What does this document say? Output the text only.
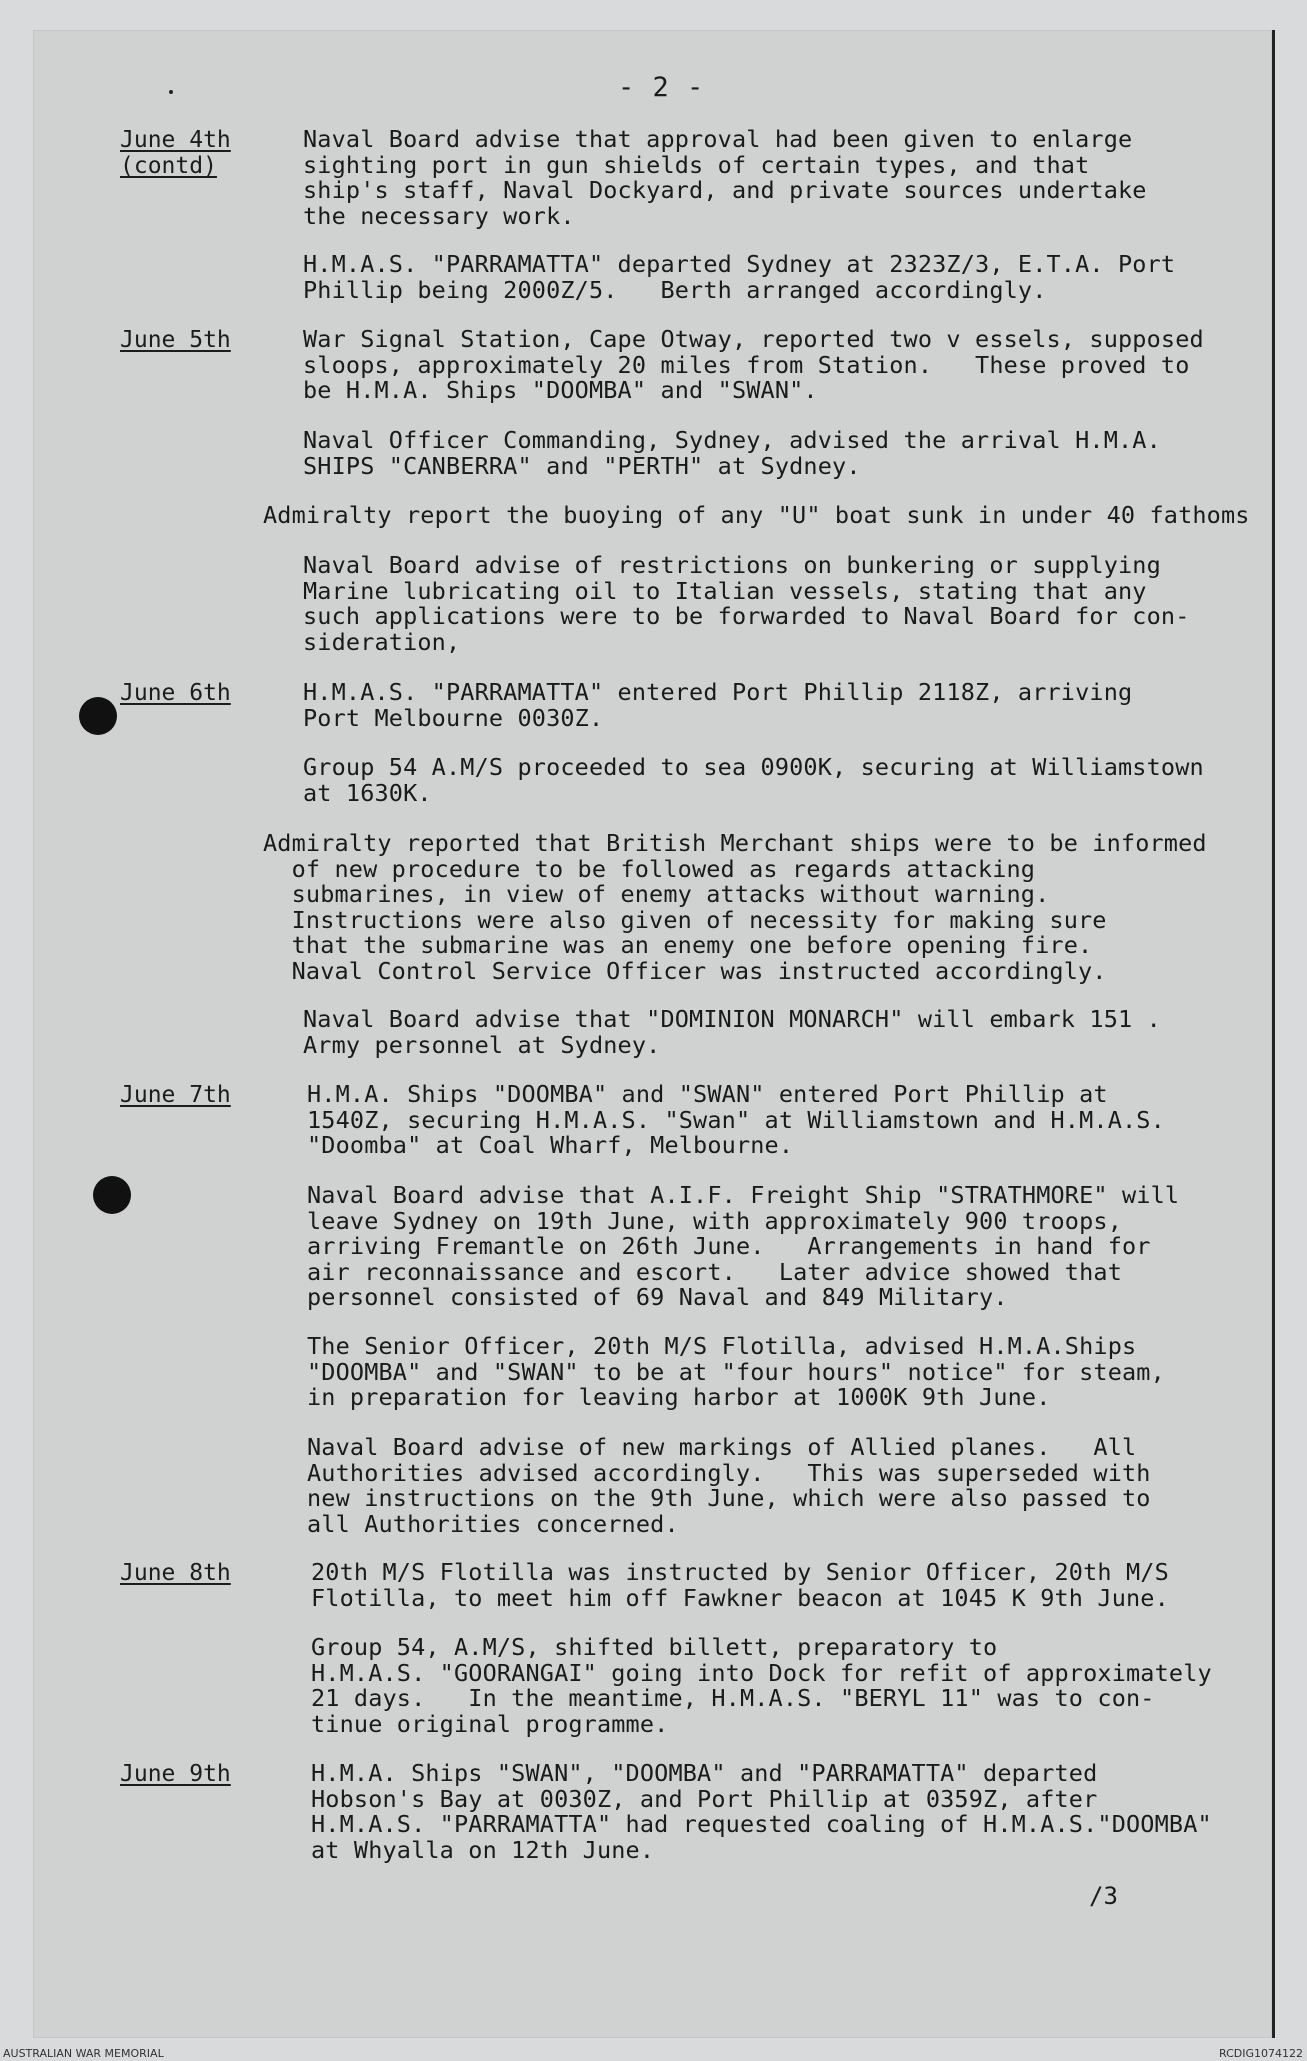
- 2 -
June 4th
(contd)
June 5th
June 6th
June 7th
June 8th
June 9th
Naval Board advise that approval had been given to enlarge
sighting port in gun shields of certain types, and that
ship's staff, Naval Dockyard, and private sources undertake
the necessary work.
H.M.A.S. "PARRAMATTA" departed Sydney at 2323Z/3, E.T.A. Port
Phillip being 2000Z/5.   Berth arranged accordingly.
War Signal Station, Cape Otway, reported two v essels, supposed
sloops, approximately 20 miles from Station.   These proved to
be H.M.A. Ships "DOOMBA" and "SWAN".
Naval Officer Commanding, Sydney, advised the arrival H.M.A.
SHIPS "CANBERRA" and "PERTH" at Sydney.
Admiralty report the buoying of any "U" boat sunk in under 40 fathoms
Naval Board advise of restrictions on bunkering or supplying
Marine lubricating oil to Italian vessels, stating that any
such applications were to be forwarded to Naval Board for con-
sideration,
H.M.A.S. "PARRAMATTA" entered Port Phillip 2118Z, arriving
Port Melbourne 0030Z.
Group 54 A.M/S proceeded to sea 0900K, securing at Williamstown
at 1630K.
Admiralty reported that British Merchant ships were to be informed
of new procedure to be followed as regards attacking
submarines, in view of enemy attacks without warning.
Instructions were also given of necessity for making sure
that the submarine was an enemy one before opening fire.
Naval Control Service Officer was instructed accordingly.
Naval Board advise that "DOMINION MONARCH" will embark 151 .
Army personnel at Sydney.
H.M.A. Ships "DOOMBA" and "SWAN" entered Port Phillip at
1540Z, securing H.M.A.S. "Swan" at Williamstown and H.M.A.S.
"Doomba" at Coal Wharf, Melbourne.
Naval Board advise that A.I.F. Freight Ship "STRATHMORE" will
leave Sydney on 19th June, with approximately 900 troops,
arriving Fremantle on 26th June.   Arrangements in hand for
air reconnaissance and escort.   Later advice showed that
personnel consisted of 69 Naval and 849 Military.
The Senior Officer, 20th M/S Flotilla, advised H.M.A.Ships
"DOOMBA" and "SWAN" to be at "four hours" notice" for steam,
in preparation for leaving harbor at 1000K 9th June.
Naval Board advise of new markings of Allied planes.   All
Authorities advised accordingly.   This was superseded with
new instructions on the 9th June, which were also passed to
all Authorities concerned.
20th M/S Flotilla was instructed by Senior Officer, 20th M/S
Flotilla, to meet him off Fawkner beacon at 1045 K 9th June.
Group 54, A.M/S, shifted billett, preparatory to
H.M.A.S. "GOORANGAI" going into Dock for refit of approximately
21 days.   In the meantime, H.M.A.S. "BERYL 11" was to con-
tinue original programme.
H.M.A. Ships "SWAN", "DOOMBA" and "PARRAMATTA" departed
Hobson's Bay at 0030Z, and Port Phillip at 0359Z, after
H.M.A.S. "PARRAMATTA" had requested coaling of H.M.A.S."DOOMBA"
at Whyalla on 12th June.
/3
AUSTRALIAN WAR MEMORIAL	RCDIG1074122
